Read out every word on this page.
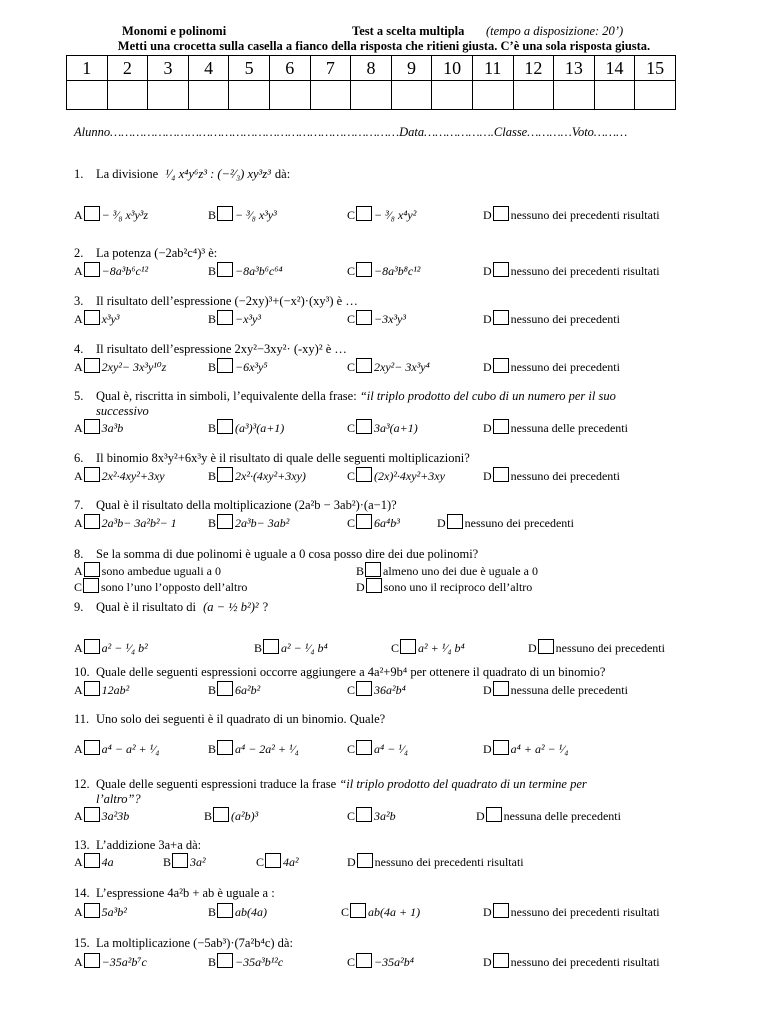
Monomi e polinomi	Test a scelta multipla (tempo a disposizione: 20’)
Metti una crocetta sulla casella a fianco della risposta che ritieni giusta. C’è una sola risposta giusta.
1	2	3	4	5	6	7	8	9	10	11	12	13	14	15

Alunno……………………………………………………………………Data……………….Classe…………Voto………
1. La divisione ¹⁄₄ x⁴y⁶z³ : (−²⁄₃) xy³z³ dà:
A − ³⁄₈ x³y³z	B − ³⁄₈ x³y³	C − ³⁄₈ x⁴y²	D nessuno dei precedenti risultati
2. La potenza (−2ab²c⁴)³ è:
A −8a³b⁶c¹²	B −8a³b⁶c⁶⁴	C −8a³b⁸c¹²	D nessuno dei precedenti risultati
3. Il risultato dell’espressione (−2xy)³+(−x²)·(xy³) è …
A x³y³	B −x³y³	C −3x³y³	D nessuno dei precedenti
4. Il risultato dell’espressione 2xy²−3xy²· (-xy)² è …
A 2xy²− 3x³y¹⁰z	B −6x³y⁵	C 2xy²− 3x³y⁴	D nessuno dei precedenti
5. Qual è, riscritta in simboli, l’equivalente della frase: “il triplo prodotto del cubo di un numero per il suo
successivo
A 3a³b	B (a³)³(a+1)	C 3a³(a+1)	D nessuna delle precedenti
6. Il binomio 8x³y²+6x³y è il risultato di quale delle seguenti moltiplicazioni?
A 2x²·4xy²+3xy	B 2x²·(4xy²+3xy)	C (2x)²·4xy²+3xy	D nessuno dei precedenti
7. Qual è il risultato della moltiplicazione (2a²b − 3ab²)·(a−1)?
A 2a³b− 3a²b²− 1	B 2a³b− 3ab²	C 6a⁴b³	D nessuno dei precedenti
8. Se la somma di due polinomi è uguale a 0 cosa posso dire dei due polinomi?
A sono ambedue uguali a 0	B almeno uno dei due è uguale a 0
C sono l’uno l’opposto dell’altro	D sono uno il reciproco dell’altro
9. Qual è il risultato di (a − ½ b²)² ?
A a² − ¹⁄₄ b²	B a² − ¹⁄₄ b⁴	C a² + ¹⁄₄ b⁴	D nessuno dei precedenti
10. Quale delle seguenti espressioni occorre aggiungere a 4a²+9b⁴ per ottenere il quadrato di un binomio?
A 12ab²	B 6a²b²	C 36a²b⁴	D nessuna delle precedenti
11. Uno solo dei seguenti è il quadrato di un binomio. Quale?
A a⁴ − a² + ¹⁄₄	B a⁴ − 2a² + ¹⁄₄	C a⁴ − ¹⁄₄	D a⁴ + a² − ¹⁄₄
12. Quale delle seguenti espressioni traduce la frase “il triplo prodotto del quadrato di un termine per
l’altro”?
A 3a²3b	B (a²b)³	C 3a²b	D nessuna delle precedenti
13. L’addizione 3a+a dà:
A 4a	B 3a²	C 4a²	D nessuno dei precedenti risultati
14. L’espressione 4a²b + ab è uguale a :
A 5a³b²	B ab(4a)	C ab(4a + 1)	D nessuno dei precedenti risultati
15. La moltiplicazione (−5ab³)·(7a²b⁴c) dà:
A −35a²b⁷c	B −35a³b¹²c	C −35a²b⁴	D nessuno dei precedenti risultati
